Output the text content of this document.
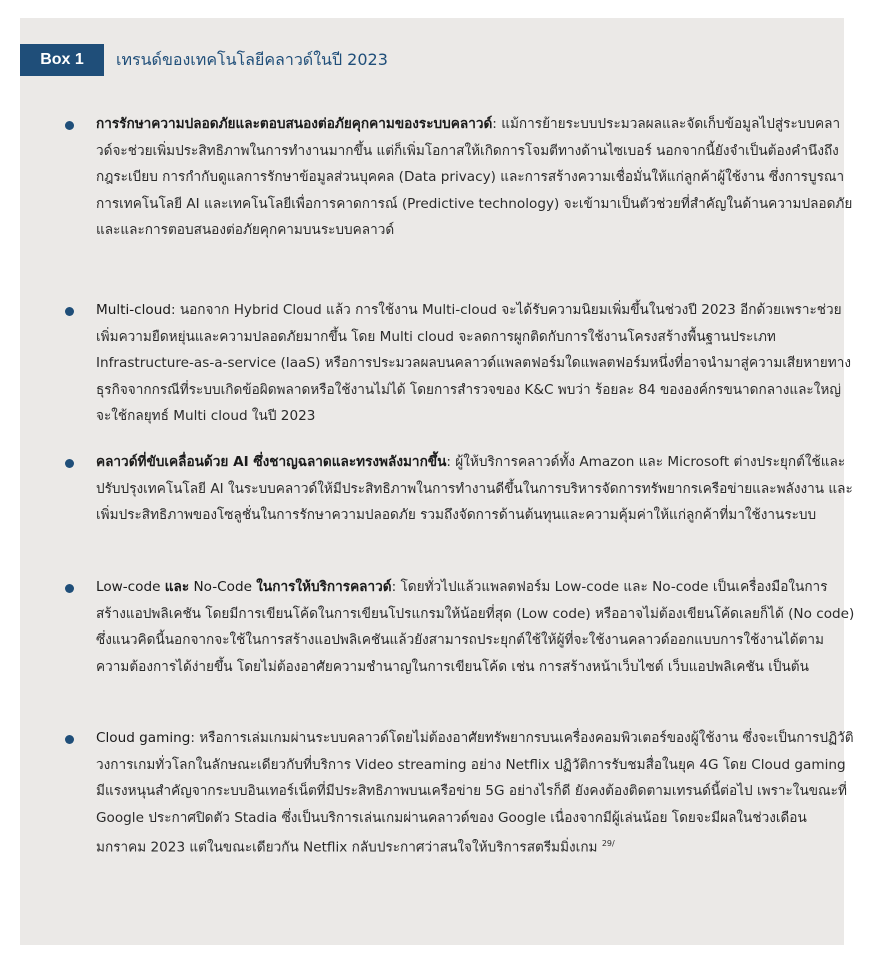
Box 1	เทรนด์ของเทคโนโลยีคลาวด์ในปี 2023
การรักษาความปลอดภัยและตอบสนองต่อภัยคุกคามของระบบคลาวด์: แม้การย้ายระบบประมวลผลและจัดเก็บข้อมูลไปสู่ระบบคลาวด์จะช่วยเพิ่มประสิทธิภาพในการทำงานมากขึ้น แต่ก็เพิ่มโอกาสให้เกิดการโจมตีทางด้านไซเบอร์ นอกจากนี้ยังจำเป็นต้องคำนึงถึงกฎระเบียบ การกำกับดูแลการรักษาข้อมูลส่วนบุคคล (Data privacy) และการสร้างความเชื่อมั่นให้แก่ลูกค้าผู้ใช้งาน ซึ่งการบูรณาการเทคโนโลยี AI และเทคโนโลยีเพื่อการคาดการณ์ (Predictive technology) จะเข้ามาเป็นตัวช่วยที่สำคัญในด้านความปลอดภัยและและการตอบสนองต่อภัยคุกคามบนระบบคลาวด์
Multi-cloud: นอกจาก Hybrid Cloud แล้ว การใช้งาน Multi-cloud จะได้รับความนิยมเพิ่มขึ้นในช่วงปี 2023 อีกด้วยเพราะช่วยเพิ่มความยืดหยุ่นและความปลอดภัยมากขึ้น โดย Multi cloud จะลดการผูกติดกับการใช้งานโครงสร้างพื้นฐานประเภท Infrastructure-as-a-service (IaaS) หรือการประมวลผลบนคลาวด์แพลตฟอร์มใดแพลตฟอร์มหนึ่งที่อาจนำมาสู่ความเสียหายทางธุรกิจจากกรณีที่ระบบเกิดข้อผิดพลาดหรือใช้งานไม่ได้ โดยการสำรวจของ K&C พบว่า ร้อยละ 84 ขององค์กรขนาดกลางและใหญ่จะใช้กลยุทธ์ Multi cloud ในปี 2023
คลาวด์ที่ขับเคลื่อนด้วย AI ซึ่งชาญฉลาดและทรงพลังมากขึ้น: ผู้ให้บริการคลาวด์ทั้ง Amazon และ Microsoft ต่างประยุกต์ใช้และปรับปรุงเทคโนโลยี AI ในระบบคลาวด์ให้มีประสิทธิภาพในการทำงานดีขึ้นในการบริหารจัดการทรัพยากรเครือข่ายและพลังงาน และเพิ่มประสิทธิภาพของโซลูชั่นในการรักษาความปลอดภัย รวมถึงจัดการด้านต้นทุนและความคุ้มค่าให้แก่ลูกค้าที่มาใช้งานระบบ
Low-code และ No-Code ในการให้บริการคลาวด์: โดยทั่วไปแล้วแพลตฟอร์ม Low-code และ No-code เป็นเครื่องมือในการสร้างแอปพลิเคชัน โดยมีการเขียนโค้ดในการเขียนโปรแกรมให้น้อยที่สุด (Low code) หรืออาจไม่ต้องเขียนโค้ดเลยก็ได้ (No code) ซึ่งแนวคิดนี้นอกจากจะใช้ในการสร้างแอปพลิเคชันแล้วยังสามารถประยุกต์ใช้ให้ผู้ที่จะใช้งานคลาวด์ออกแบบการใช้งานได้ตามความต้องการได้ง่ายขึ้น โดยไม่ต้องอาศัยความชำนาญในการเขียนโค้ด เช่น การสร้างหน้าเว็บไซต์ เว็บแอปพลิเคชัน เป็นต้น
Cloud gaming: หรือการเล่มเกมผ่านระบบคลาวด์โดยไม่ต้องอาศัยทรัพยากรบนเครื่องคอมพิวเตอร์ของผู้ใช้งาน ซึ่งจะเป็นการปฏิวัติวงการเกมทั่วโลกในลักษณะเดียวกับที่บริการ Video streaming อย่าง Netflix ปฏิวัติการรับชมสื่อในยุค 4G โดย Cloud gaming มีแรงหนุนสำคัญจากระบบอินเทอร์เน็ตที่มีประสิทธิภาพบนเครือข่าย 5G อย่างไรก็ดี ยังคงต้องติดตามเทรนด์นี้ต่อไป เพราะในขณะที่ Google ประกาศปิดตัว Stadia ซึ่งเป็นบริการเล่นเกมผ่านคลาวด์ของ Google เนื่องจากมีผู้เล่นน้อย โดยจะมีผลในช่วงเดือนมกราคม 2023 แต่ในขณะเดียวกัน Netflix กลับประกาศว่าสนใจให้บริการสตรีมมิ่งเกม $^{29/}$
